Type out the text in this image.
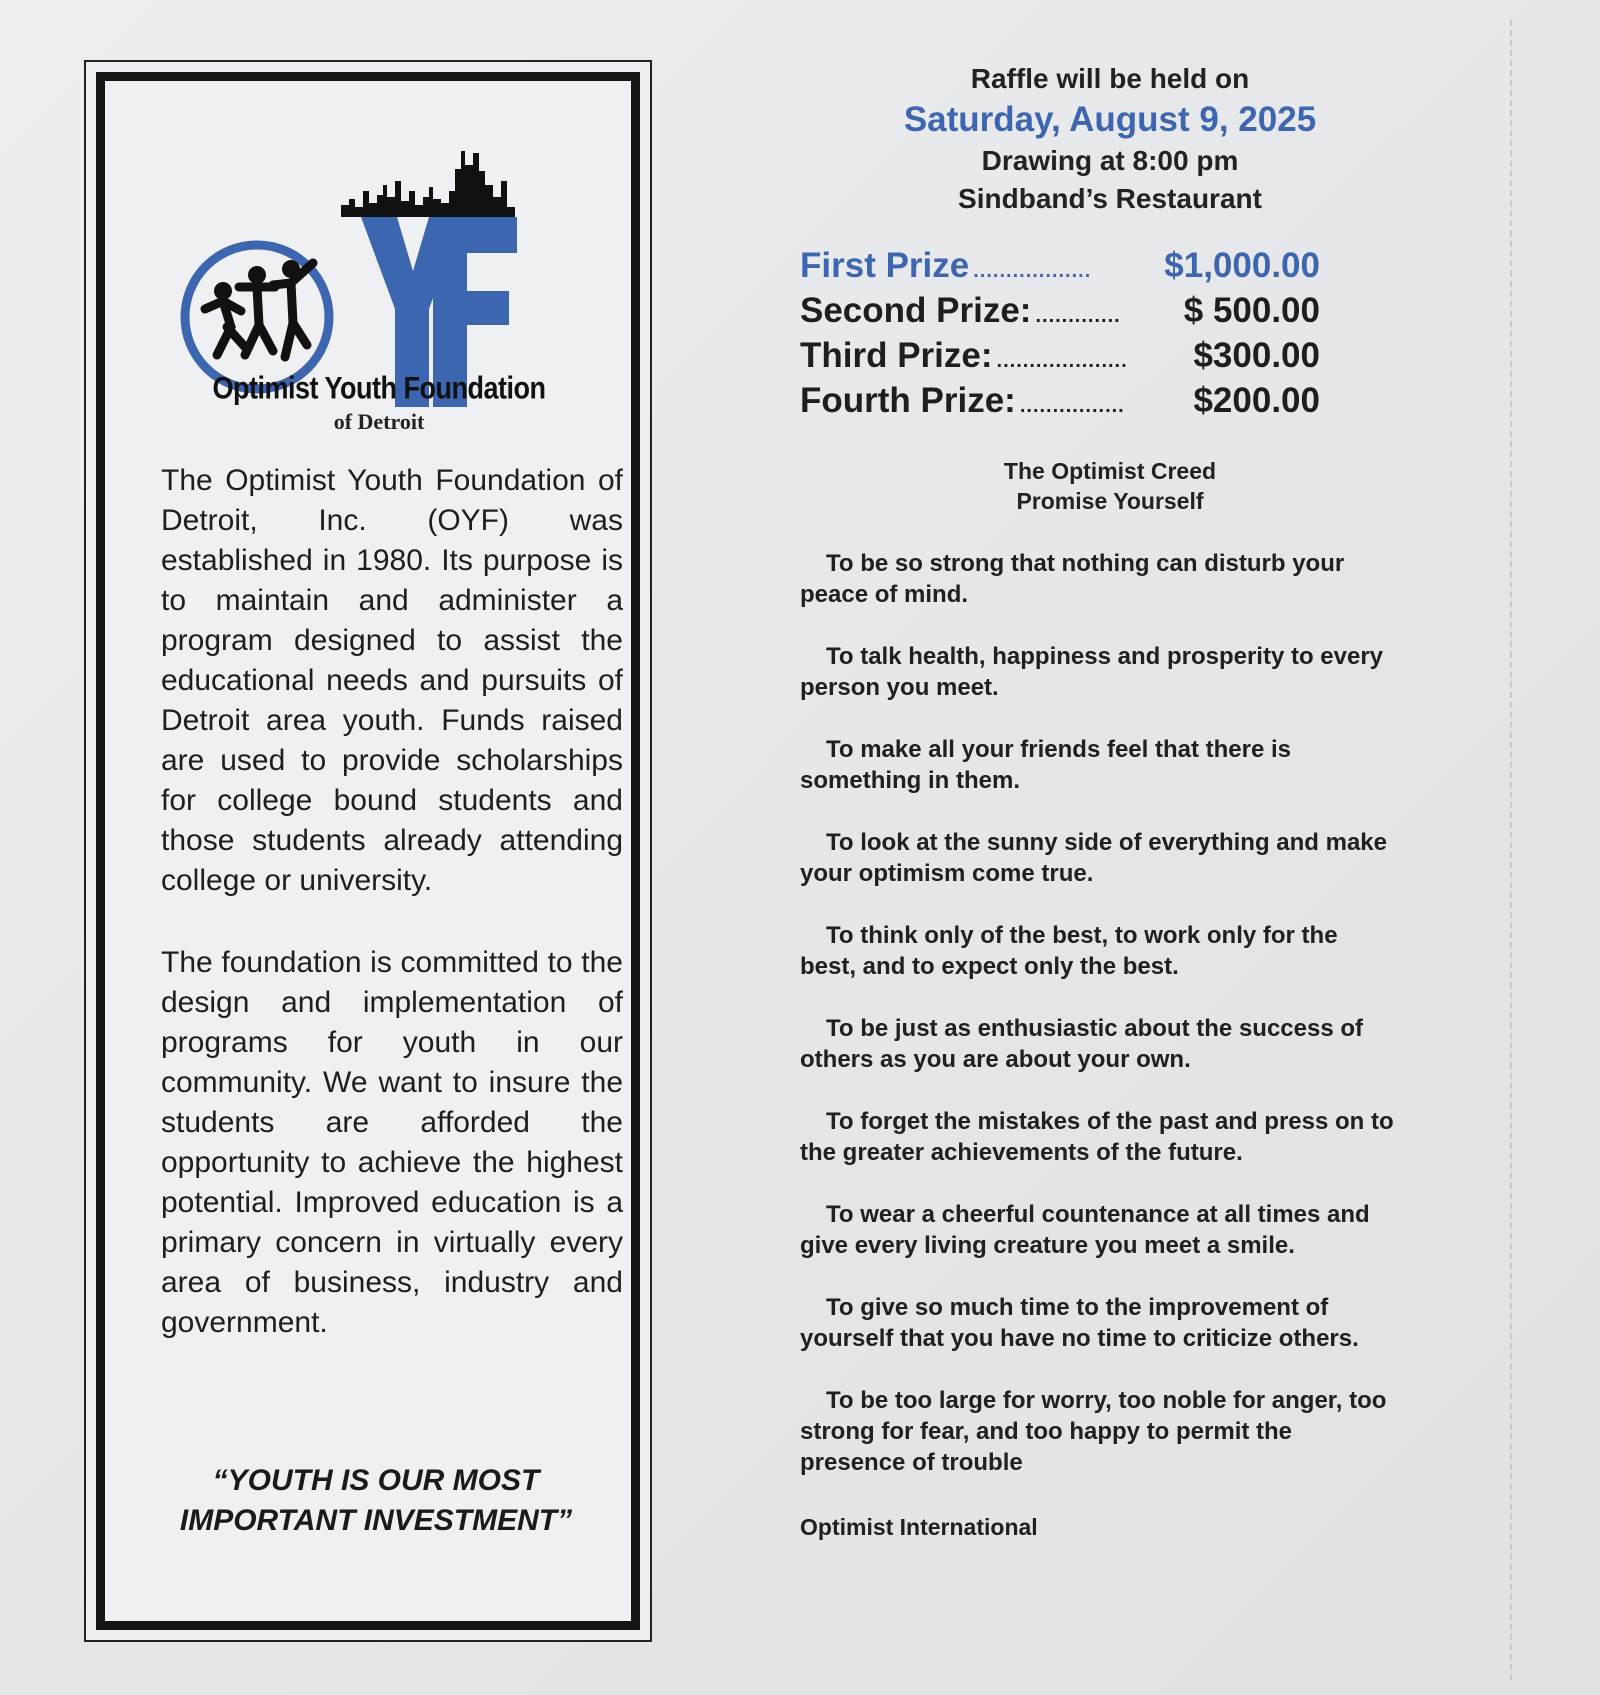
Optimist Youth Foundation
of Detroit

The Optimist Youth Foundation of Detroit, Inc. (OYF) was established in 1980. Its purpose is to maintain and administer a program designed to assist the educational needs and pursuits of Detroit area youth. Funds raised are used to provide scholarships for college bound students and those students already attending college or university.

The foundation is committed to the design and implementation of programs for youth in our community. We want to insure the students are afforded the opportunity to achieve the highest potential. Improved education is a primary concern in virtually every area of business, industry and government.

“YOUTH IS OUR MOST IMPORTANT INVESTMENT”
Raffle will be held on
Saturday, August 9, 2025
Drawing at 8:00 pm
Sindband’s Restaurant
First Prize ..................	$1,000.00
Second Prize: .............	$ 500.00
Third Prize: ....................	$300.00
Fourth Prize: ................	$200.00
The Optimist Creed
Promise Yourself

To be so strong that nothing can disturb your peace of mind.

To talk health, happiness and prosperity to every person you meet.

To make all your friends feel that there is something in them.

To look at the sunny side of everything and make your optimism come true.

To think only of the best, to work only for the best, and to expect only the best.

To be just as enthusiastic about the success of others as you are about your own.

To forget the mistakes of the past and press on to the greater achievements of the future.

To wear a cheerful countenance at all times and give every living creature you meet a smile.

To give so much time to the improvement of yourself that you have no time to criticize others.

To be too large for worry, too noble for anger, too strong for fear, and too happy to permit the presence of trouble

Optimist International
